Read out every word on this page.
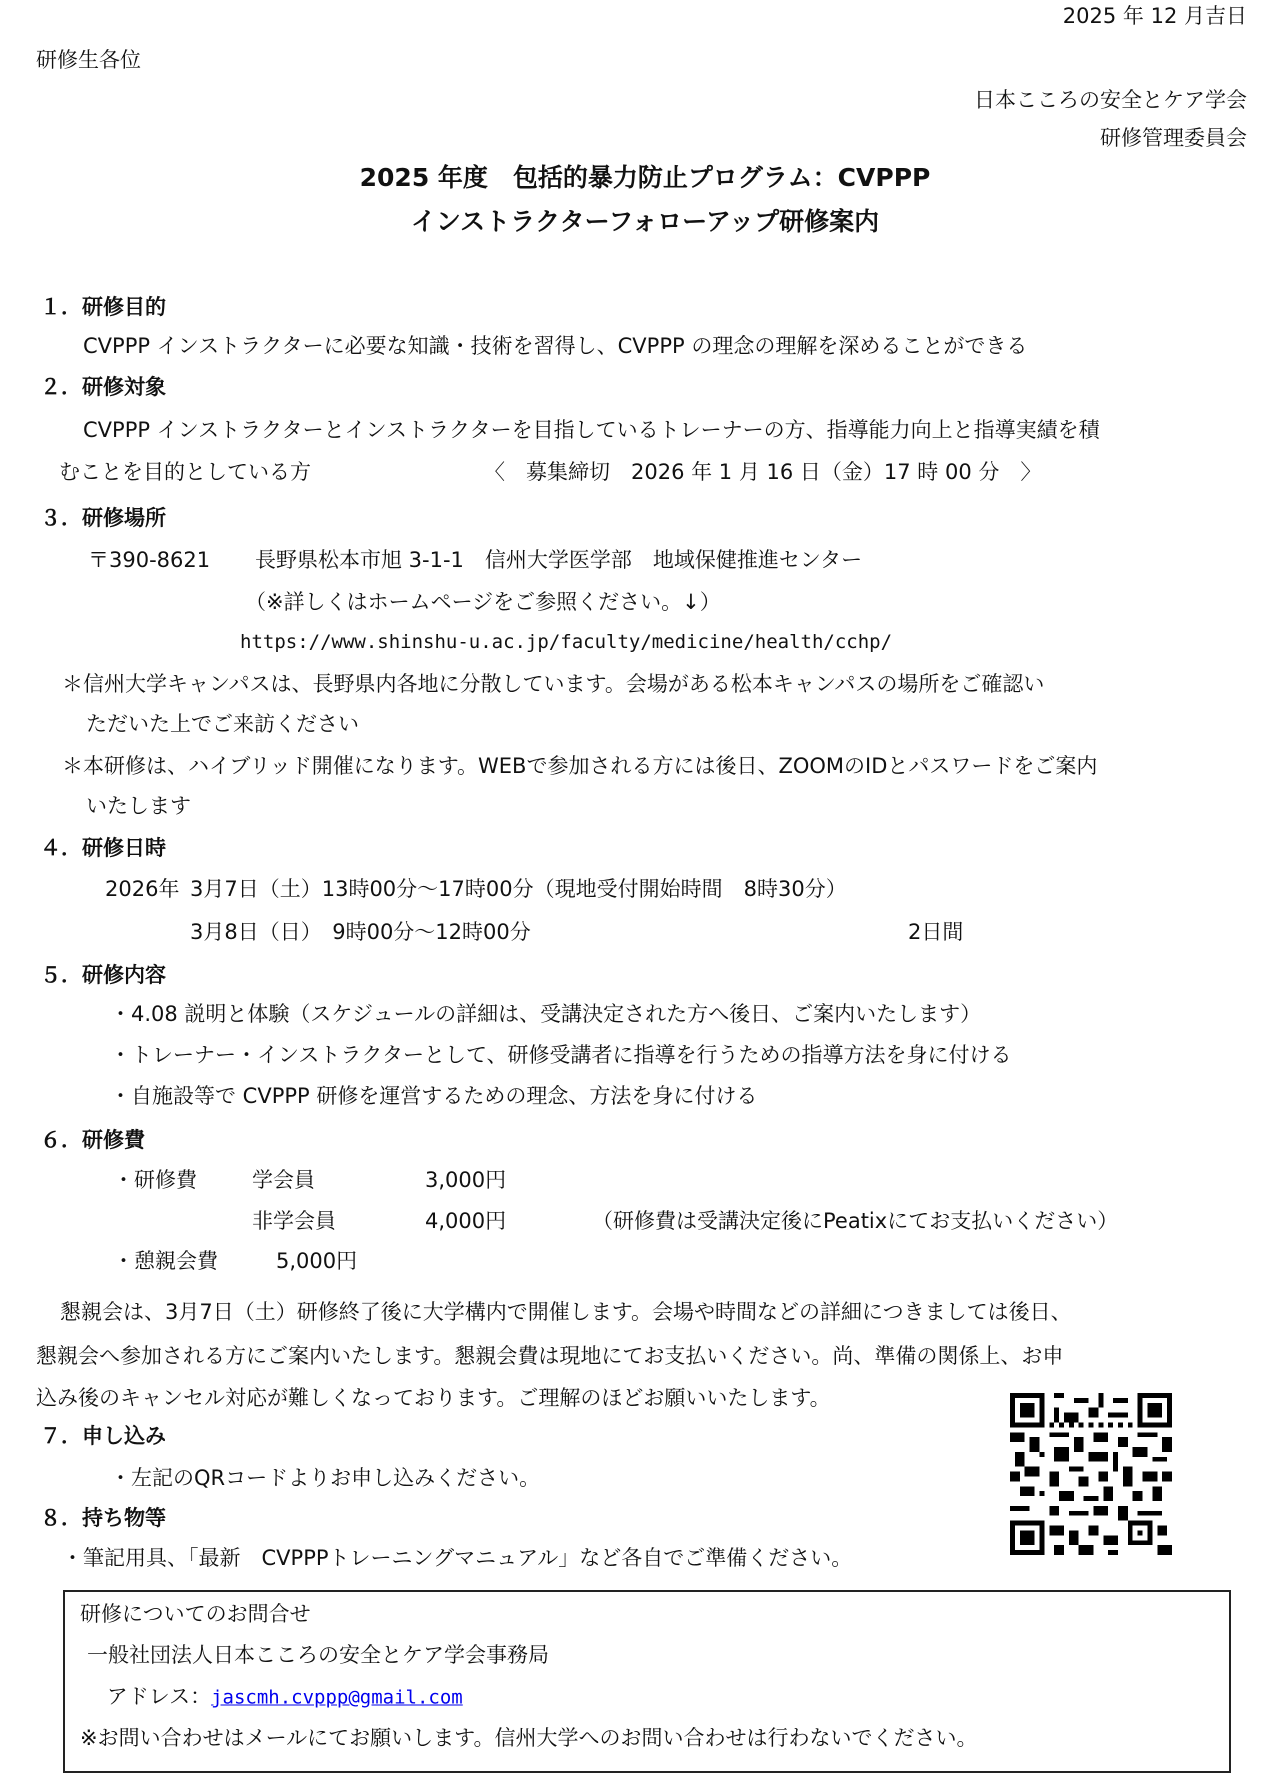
2025 年 12 月吉日
研修生各位
日本こころの安全とケア学会
研修管理委員会
2025 年度　包括的暴力防止プログラム：CVPPP
インストラクターフォローアップ研修案内
１．研修目的
CVPPP インストラクターに必要な知識・技術を習得し、CVPPP の理念の理解を深めることができる
２．研修対象
CVPPP インストラクターとインストラクターを目指しているトレーナーの方、指導能力向上と指導実績を積
むことを目的としている方	〈　募集締切　2026 年 1 月 16 日（金）17 時 00 分　〉
３．研修場所
〒390-8621 長野県松本市旭 3-1-1　信州大学医学部　地域保健推進センター
（※詳しくはホームページをご参照ください。↓）
https://www.shinshu-u.ac.jp/faculty/medicine/health/cchp/
＊信州大学キャンパスは、長野県内各地に分散しています。会場がある松本キャンパスの場所をご確認い
ただいた上でご来訪ください
＊本研修は、ハイブリッド開催になります。WEBで参加される方には後日、ZOOMのIDとパスワードをご案内
いたします
４．研修日時
2026年 3月7日（土）13時00分～17時00分（現地受付開始時間　8時30分）
3月8日（日）　9時00分～12時00分	2日間
５．研修内容
・4.08 説明と体験（スケジュールの詳細は、受講決定された方へ後日、ご案内いたします）
・トレーナー・インストラクターとして、研修受講者に指導を行うための指導方法を身に付ける
・自施設等で CVPPP 研修を運営するための理念、方法を身に付ける
６．研修費
・研修費	学会員	3,000円
非学会員	4,000円	（研修費は受講決定後にPeatixにてお支払いください）
・憩親会費	5,000円
懇親会は、3月7日（土）研修終了後に大学構内で開催します。会場や時間などの詳細につきましては後日、
懇親会へ参加される方にご案内いたします。懇親会費は現地にてお支払いください。尚、準備の関係上、お申
込み後のキャンセル対応が難しくなっております。ご理解のほどお願いいたします。
７．申し込み
・左記のQRコードよりお申し込みください。
８．持ち物等
・筆記用具、「最新　CVPPPトレーニングマニュアル」など各自でご準備ください。
研修についてのお問合せ
一般社団法人日本こころの安全とケア学会事務局

アドレス：jascmh.cvppp@gmail.com

※お問い合わせはメールにてお願いします。信州大学へのお問い合わせは行わないでください。
